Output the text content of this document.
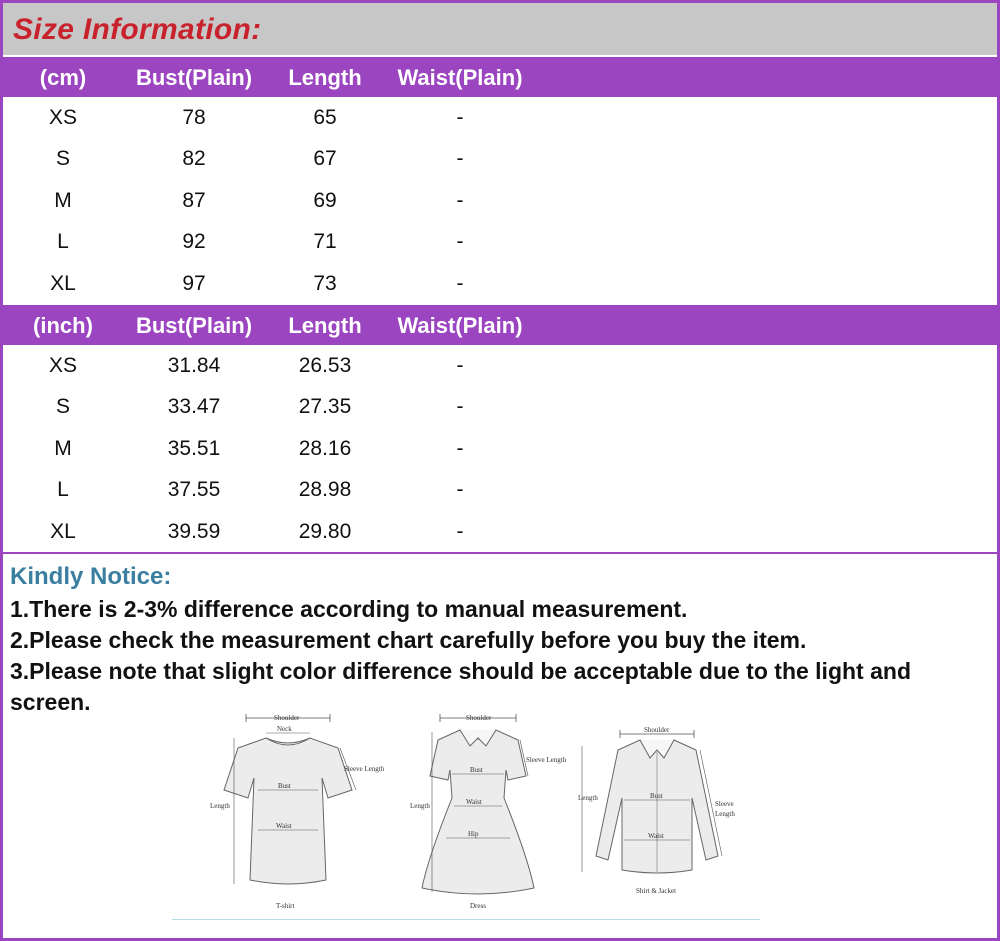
Size Information:
(cm) Bust(Plain) Length Waist(Plain)
XS	78	65	-
S	82	67	-
M	87	69	-
L	92	71	-
XL	97	73	-
(inch) Bust(Plain) Length Waist(Plain)
XS	31.84	26.53	-
S	33.47	27.35	-
M	35.51	28.16	-
L	37.55	28.98	-
XL	39.59	29.80	-

Kindly Notice:

1.There is 2-3% difference according to manual measurement.

2.Please check the measurement chart carefully before you buy the item.

3.Please note that slight color difference should be acceptable due to the light and screen.

Shoulder
Neck
Sleeve Length
Bust
Waist
Length
T-shirt
Shoulder
Sleeve Length
Bust
Waist
Hip
Length
Dress
Shoulder
Sleeve
Length
Bust
Waist
Length
Shirt & Jacket
